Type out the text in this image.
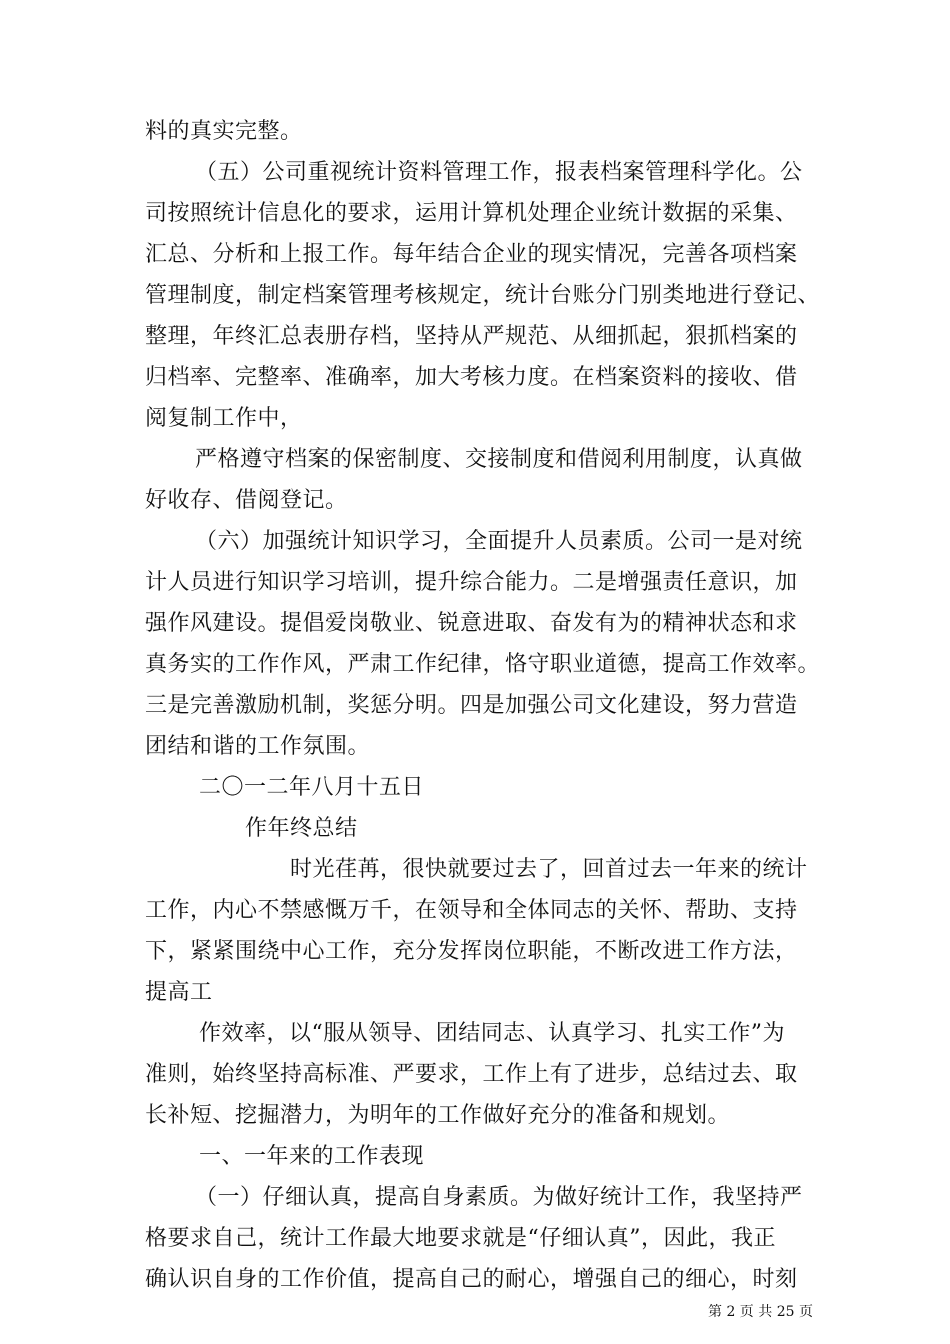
料的真实完整。
（五）公司重视统计资料管理工作，报表档案管理科学化。公
司按照统计信息化的要求，运用计算机处理企业统计数据的采集、
汇总、分析和上报工作。每年结合企业的现实情况，完善各项档案
管理制度，制定档案管理考核规定，统计台账分门别类地进行登记、
整理，年终汇总表册存档，坚持从严规范、从细抓起，狠抓档案的
归档率、完整率、准确率，加大考核力度。在档案资料的接收、借
阅复制工作中，
严格遵守档案的保密制度、交接制度和借阅利用制度，认真做
好收存、借阅登记。
（六）加强统计知识学习，全面提升人员素质。公司一是对统
计人员进行知识学习培训，提升综合能力。二是增强责任意识，加
强作风建设。提倡爱岗敬业、锐意进取、奋发有为的精神状态和求
真务实的工作作风，严肃工作纪律，恪守职业道德，提高工作效率。
三是完善激励机制，奖惩分明。四是加强公司文化建设，努力营造
团结和谐的工作氛围。
二〇一二年八月十五日
作年终总结
时光荏苒，很快就要过去了，回首过去一年来的统计
工作，内心不禁感慨万千，在领导和全体同志的关怀、帮助、支持
下，紧紧围绕中心工作，充分发挥岗位职能，不断改进工作方法，
提高工
作效率，以“服从领导、团结同志、认真学习、扎实工作”为
准则，始终坚持高标准、严要求，工作上有了进步，总结过去、取
长补短、挖掘潜力，为明年的工作做好充分的准备和规划。
一、一年来的工作表现
（一）仔细认真，提高自身素质。为做好统计工作，我坚持严
格要求自己，统计工作最大地要求就是“仔细认真”，因此，我正
确认识自身的工作价值，提高自己的耐心，增强自己的细心，时刻
第 2 页 共 25 页
